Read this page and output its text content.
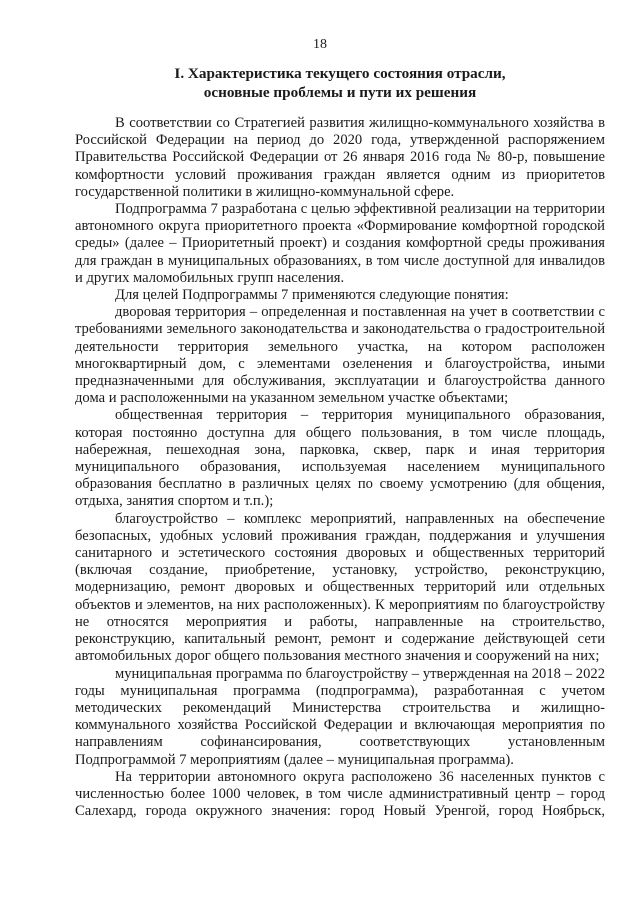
18
I. Характеристика текущего состояния отрасли,
основные проблемы и пути их решения

В соответствии со Стратегией развития жилищно-коммунального хозяйства в Российской Федерации на период до 2020 года, утвержденной распоряжением Правительства Российской Федерации от 26 января 2016 года № 80-р, повышение комфортности условий проживания граждан является одним из приоритетов государственной политики в жилищно-коммунальной сфере.

Подпрограмма 7 разработана с целью эффективной реализации на территории автономного округа приоритетного проекта «Формирование комфортной городской среды» (далее – Приоритетный проект) и создания комфортной среды проживания для граждан в муниципальных образованиях, в том числе доступной для инвалидов и других маломобильных групп населения.

Для целей Подпрограммы 7 применяются следующие понятия:

дворовая территория – определенная и поставленная на учет в соответствии с требованиями земельного законодательства и законодательства о градостроительной деятельности территория земельного участка, на котором расположен многоквартирный дом, с элементами озеленения и благоустройства, иными предназначенными для обслуживания, эксплуатации и благоустройства данного дома и расположенными на указанном земельном участке объектами;

общественная территория – территория муниципального образования, которая постоянно доступна для общего пользования, в том числе площадь, набережная, пешеходная зона, парковка, сквер, парк и иная территория муниципального образования, используемая населением муниципального образования бесплатно в различных целях по своему усмотрению (для общения, отдыха, занятия спортом и т.п.);

благоустройство – комплекс мероприятий, направленных на обеспечение безопасных, удобных условий проживания граждан, поддержания и улучшения санитарного и эстетического состояния дворовых и общественных территорий (включая создание, приобретение, установку, устройство, реконструкцию, модернизацию, ремонт дворовых и общественных территорий или отдельных объектов и элементов, на них расположенных). К мероприятиям по благоустройству не относятся мероприятия и работы, направленные на строительство, реконструкцию, капитальный ремонт, ремонт и содержание действующей сети автомобильных дорог общего пользования местного значения и сооружений на них;

муниципальная программа по благоустройству – утвержденная на 2018 – 2022 годы муниципальная программа (подпрограмма), разработанная с учетом методических рекомендаций Министерства строительства и жилищно-коммунального хозяйства Российской Федерации и включающая мероприятия по направлениям софинансирования, соответствующих установленным Подпрограммой 7 мероприятиям (далее – муниципальная программа).

На территории автономного округа расположено 36 населенных пунктов с численностью более 1000 человек, в том числе административный центр – город Салехард, города окружного значения: город Новый Уренгой, город Ноябрьск,
